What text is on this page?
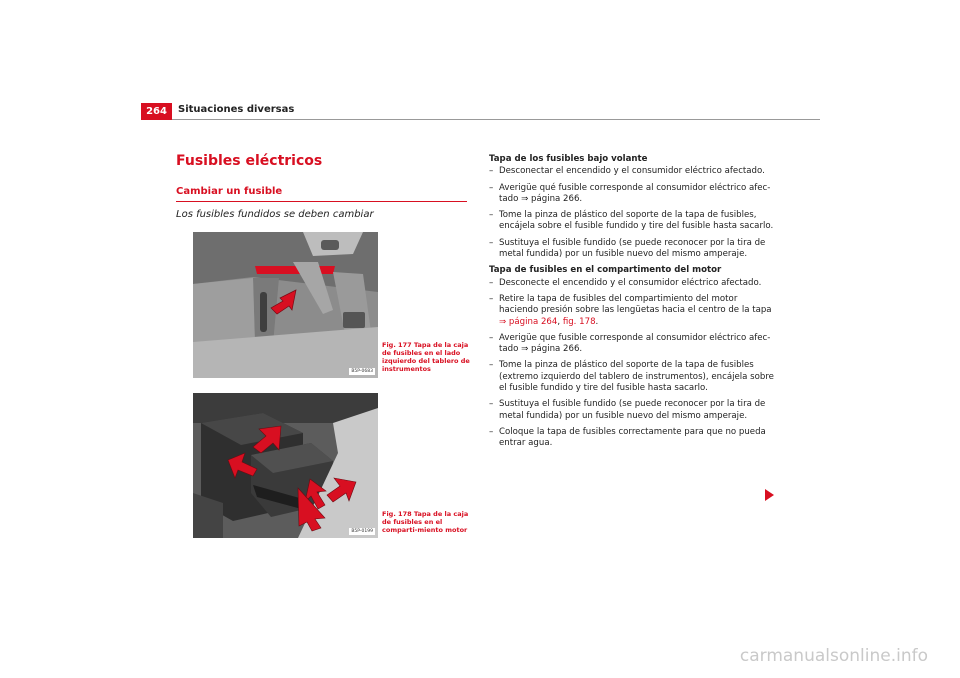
264	Situaciones diversas
Fusibles eléctricos
Cambiar un fusible

Los fusibles fundidos se deben cambiar

B5P-0683

Fig. 177 Tapa de la caja de fusibles en el lado izquierdo del tablero de instrumentos

B5P-0199

Fig. 178 Tapa de la caja de fusibles en el comparti-miento motor

Tapa de los fusibles bajo volante
– Desconectar el encendido y el consumidor eléctrico afectado.
– Averigüe qué fusible corresponde al consumidor eléctrico afec-tado ⇒ página 266.
– Tome la pinza de plástico del soporte de la tapa de fusibles, encájela sobre el fusible fundido y tire del fusible hasta sacarlo.
– Sustituya el fusible fundido (se puede reconocer por la tira de metal fundida) por un fusible nuevo del mismo amperaje.
Tapa de fusibles en el compartimento del motor
– Desconecte el encendido y el consumidor eléctrico afectado.
– Retire la tapa de fusibles del compartimiento del motor haciendo presión sobre las lengüetas hacia el centro de la tapa
⇒ página 264, fig. 178.
– Averigüe que fusible corresponde al consumidor eléctrico afec-tado ⇒ página 266.
– Tome la pinza de plástico del soporte de la tapa de fusibles (extremo izquierdo del tablero de instrumentos), encájela sobre el fusible fundido y tire del fusible hasta sacarlo.
– Sustituya el fusible fundido (se puede reconocer por la tira de metal fundida) por un fusible nuevo del mismo amperaje.
– Coloque la tapa de fusibles correctamente para que no pueda entrar agua.
carmanualsonline.info
